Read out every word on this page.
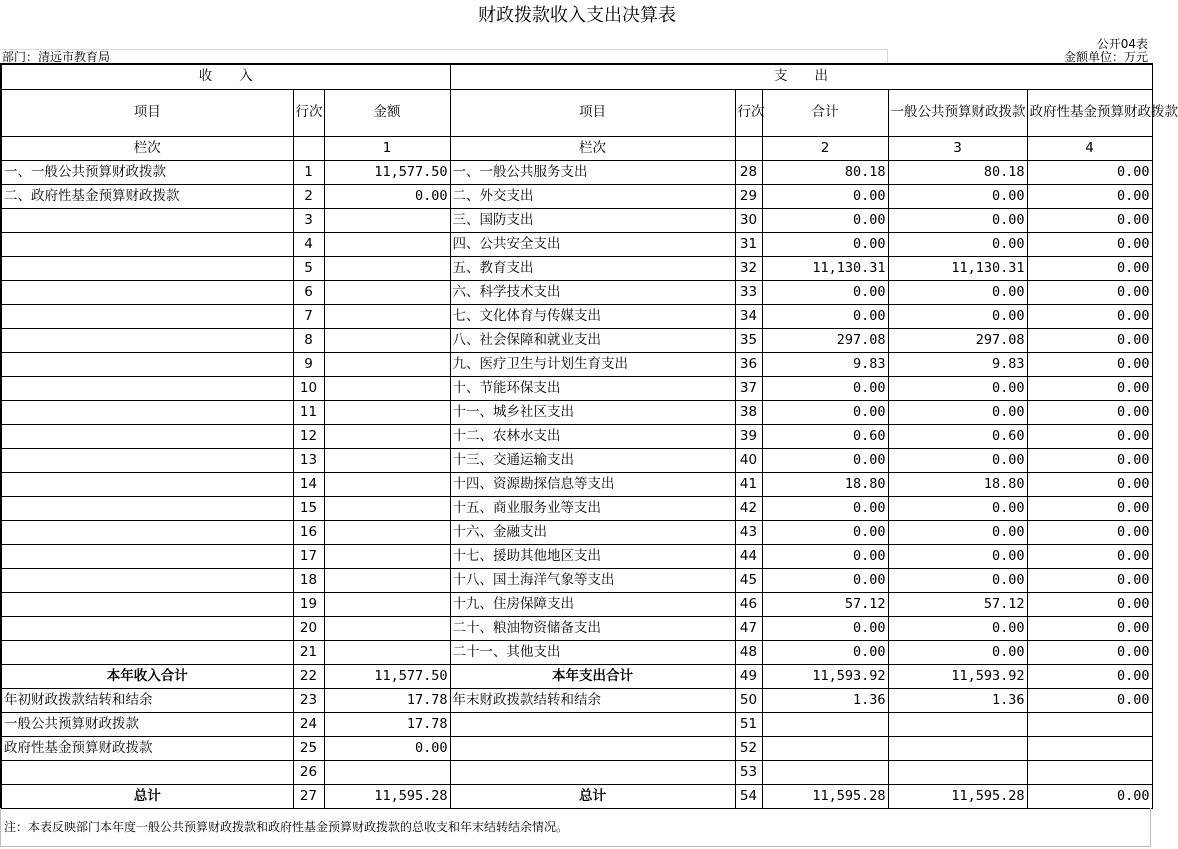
财政拨款收入支出决算表
公开04表
部门：清远市教育局	金额单位：万元
收　　入			支　　出				
项目	行次	金额	项目	行次	合计	一般公共预算财政拨款	政府性基金预算财政拨款
栏次		1	栏次		2	3	4
一、一般公共预算财政拨款	1	11,577.50	一、一般公共服务支出	28	80.18	80.18	0.00
二、政府性基金预算财政拨款	2	0.00	二、外交支出	29	0.00	0.00	0.00
	3		三、国防支出	30	0.00	0.00	0.00
	4		四、公共安全支出	31	0.00	0.00	0.00
	5		五、教育支出	32	11,130.31	11,130.31	0.00
	6		六、科学技术支出	33	0.00	0.00	0.00
	7		七、文化体育与传媒支出	34	0.00	0.00	0.00
	8		八、社会保障和就业支出	35	297.08	297.08	0.00
	9		九、医疗卫生与计划生育支出	36	9.83	9.83	0.00
	10		十、节能环保支出	37	0.00	0.00	0.00
	11		十一、城乡社区支出	38	0.00	0.00	0.00
	12		十二、农林水支出	39	0.60	0.60	0.00
	13		十三、交通运输支出	40	0.00	0.00	0.00
	14		十四、资源勘探信息等支出	41	18.80	18.80	0.00
	15		十五、商业服务业等支出	42	0.00	0.00	0.00
	16		十六、金融支出	43	0.00	0.00	0.00
	17		十七、援助其他地区支出	44	0.00	0.00	0.00
	18		十八、国土海洋气象等支出	45	0.00	0.00	0.00
	19		十九、住房保障支出	46	57.12	57.12	0.00
	20		二十、粮油物资储备支出	47	0.00	0.00	0.00
	21		二十一、其他支出	48	0.00	0.00	0.00
本年收入合计	22	11,577.50	本年支出合计	49	11,593.92	11,593.92	0.00
年初财政拨款结转和结余	23	17.78	年末财政拨款结转和结余	50	1.36	1.36	0.00
一般公共预算财政拨款	24	17.78		51			
政府性基金预算财政拨款	25	0.00		52			
	26			53			
总计	27	11,595.28	总计	54	11,595.28	11,595.28	0.00
注：本表反映部门本年度一般公共预算财政拨款和政府性基金预算财政拨款的总收支和年末结转结余情况。
